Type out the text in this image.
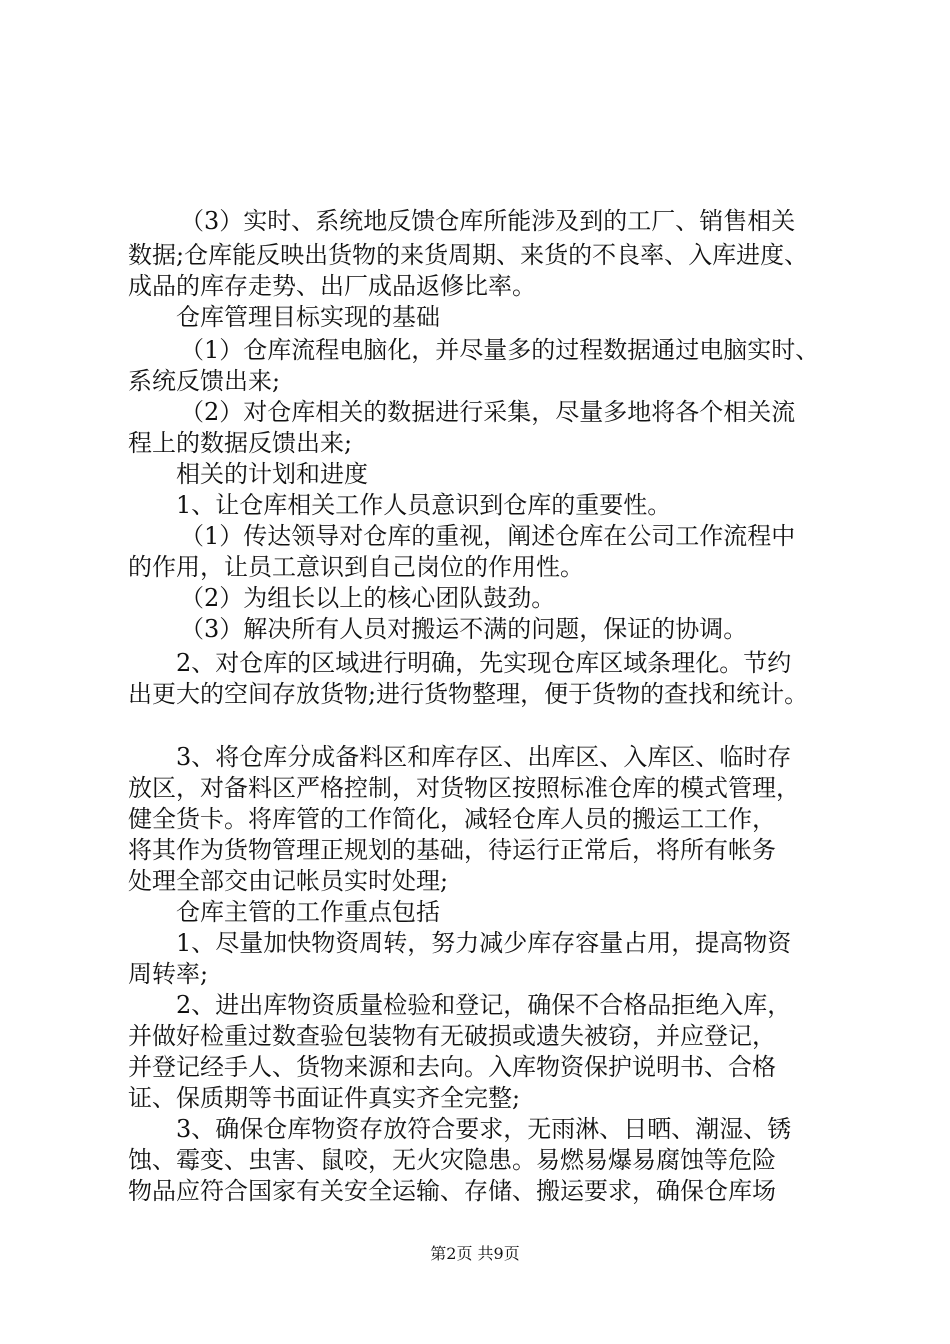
（3）实时、系统地反馈仓库所能涉及到的工厂、销售相关
数据;仓库能反映出货物的来货周期、来货的不良率、入库进度、
成品的库存走势、出厂成品返修比率。
仓库管理目标实现的基础
（1）仓库流程电脑化，并尽量多的过程数据通过电脑实时、
系统反馈出来;
（2）对仓库相关的数据进行采集，尽量多地将各个相关流
程上的数据反馈出来;
相关的计划和进度
1、让仓库相关工作人员意识到仓库的重要性。
（1）传达领导对仓库的重视，阐述仓库在公司工作流程中
的作用，让员工意识到自己岗位的作用性。
（2）为组长以上的核心团队鼓劲。
（3）解决所有人员对搬运不满的问题，保证的协调。
2、对仓库的区域进行明确，先实现仓库区域条理化。节约
出更大的空间存放货物;进行货物整理，便于货物的查找和统计。
3、将仓库分成备料区和库存区、出库区、入库区、临时存
放区，对备料区严格控制，对货物区按照标准仓库的模式管理，
健全货卡。将库管的工作简化，减轻仓库人员的搬运工工作，
将其作为货物管理正规划的基础，待运行正常后，将所有帐务
处理全部交由记帐员实时处理;
仓库主管的工作重点包括
1、尽量加快物资周转，努力减少库存容量占用，提高物资
周转率;
2、进出库物资质量检验和登记，确保不合格品拒绝入库，
并做好检重过数查验包装物有无破损或遗失被窃，并应登记，
并登记经手人、货物来源和去向。入库物资保护说明书、合格
证、保质期等书面证件真实齐全完整;
3、确保仓库物资存放符合要求，无雨淋、日晒、潮湿、锈
蚀、霉变、虫害、鼠咬，无火灾隐患。易燃易爆易腐蚀等危险
物品应符合国家有关安全运输、存储、搬运要求，确保仓库场
第2页 共9页
